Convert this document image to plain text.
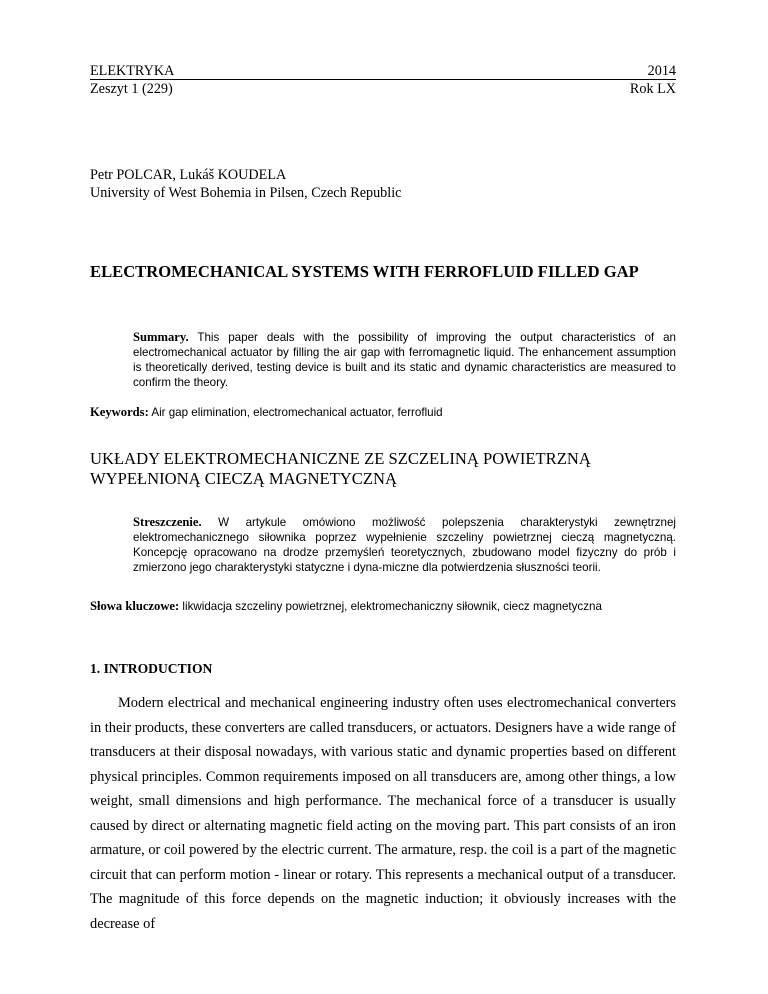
ELEKTRYKA	2014
Zeszyt 1 (229)	Rok LX
Petr POLCAR, Lukáš KOUDELA
University of West Bohemia in Pilsen, Czech Republic
ELECTROMECHANICAL SYSTEMS WITH FERROFLUID FILLED GAP
Summary. This paper deals with the possibility of improving the output characteristics of an electromechanical actuator by filling the air gap with ferromagnetic liquid. The enhancement assumption is theoretically derived, testing device is built and its static and dynamic characteristics are measured to confirm the theory.
Keywords: Air gap elimination, electromechanical actuator, ferrofluid
UKŁADY ELEKTROMECHANICZNE ZE SZCZELINĄ POWIETRZNĄ WYPEŁNIONĄ CIECZĄ MAGNETYCZNĄ
Streszczenie. W artykule omówiono możliwość polepszenia charakterystyki zewnętrznej elektromechanicznego siłownika poprzez wypełnienie szczeliny powietrznej cieczą magnetyczną. Koncepcję opracowano na drodze przemyśleń teoretycznych, zbudowano model fizyczny do prób i zmierzono jego charakterystyki statyczne i dyna-miczne dla potwierdzenia słuszności teorii.
Słowa kluczowe: likwidacja szczeliny powietrznej, elektromechaniczny siłownik, ciecz magnetyczna
1. INTRODUCTION

Modern electrical and mechanical engineering industry often uses electromechanical converters in their products, these converters are called transducers, or actuators. Designers have a wide range of transducers at their disposal nowadays, with various static and dynamic properties based on different physical principles. Common requirements imposed on all transducers are, among other things, a low weight, small dimensions and high performance. The mechanical force of a transducer is usually caused by direct or alternating magnetic field acting on the moving part. This part consists of an iron armature, or coil powered by the electric current. The armature, resp. the coil is a part of the magnetic circuit that can perform motion - linear or rotary. This represents a mechanical output of a transducer. The magnitude of this force depends on the magnetic induction; it obviously increases with the decrease of
